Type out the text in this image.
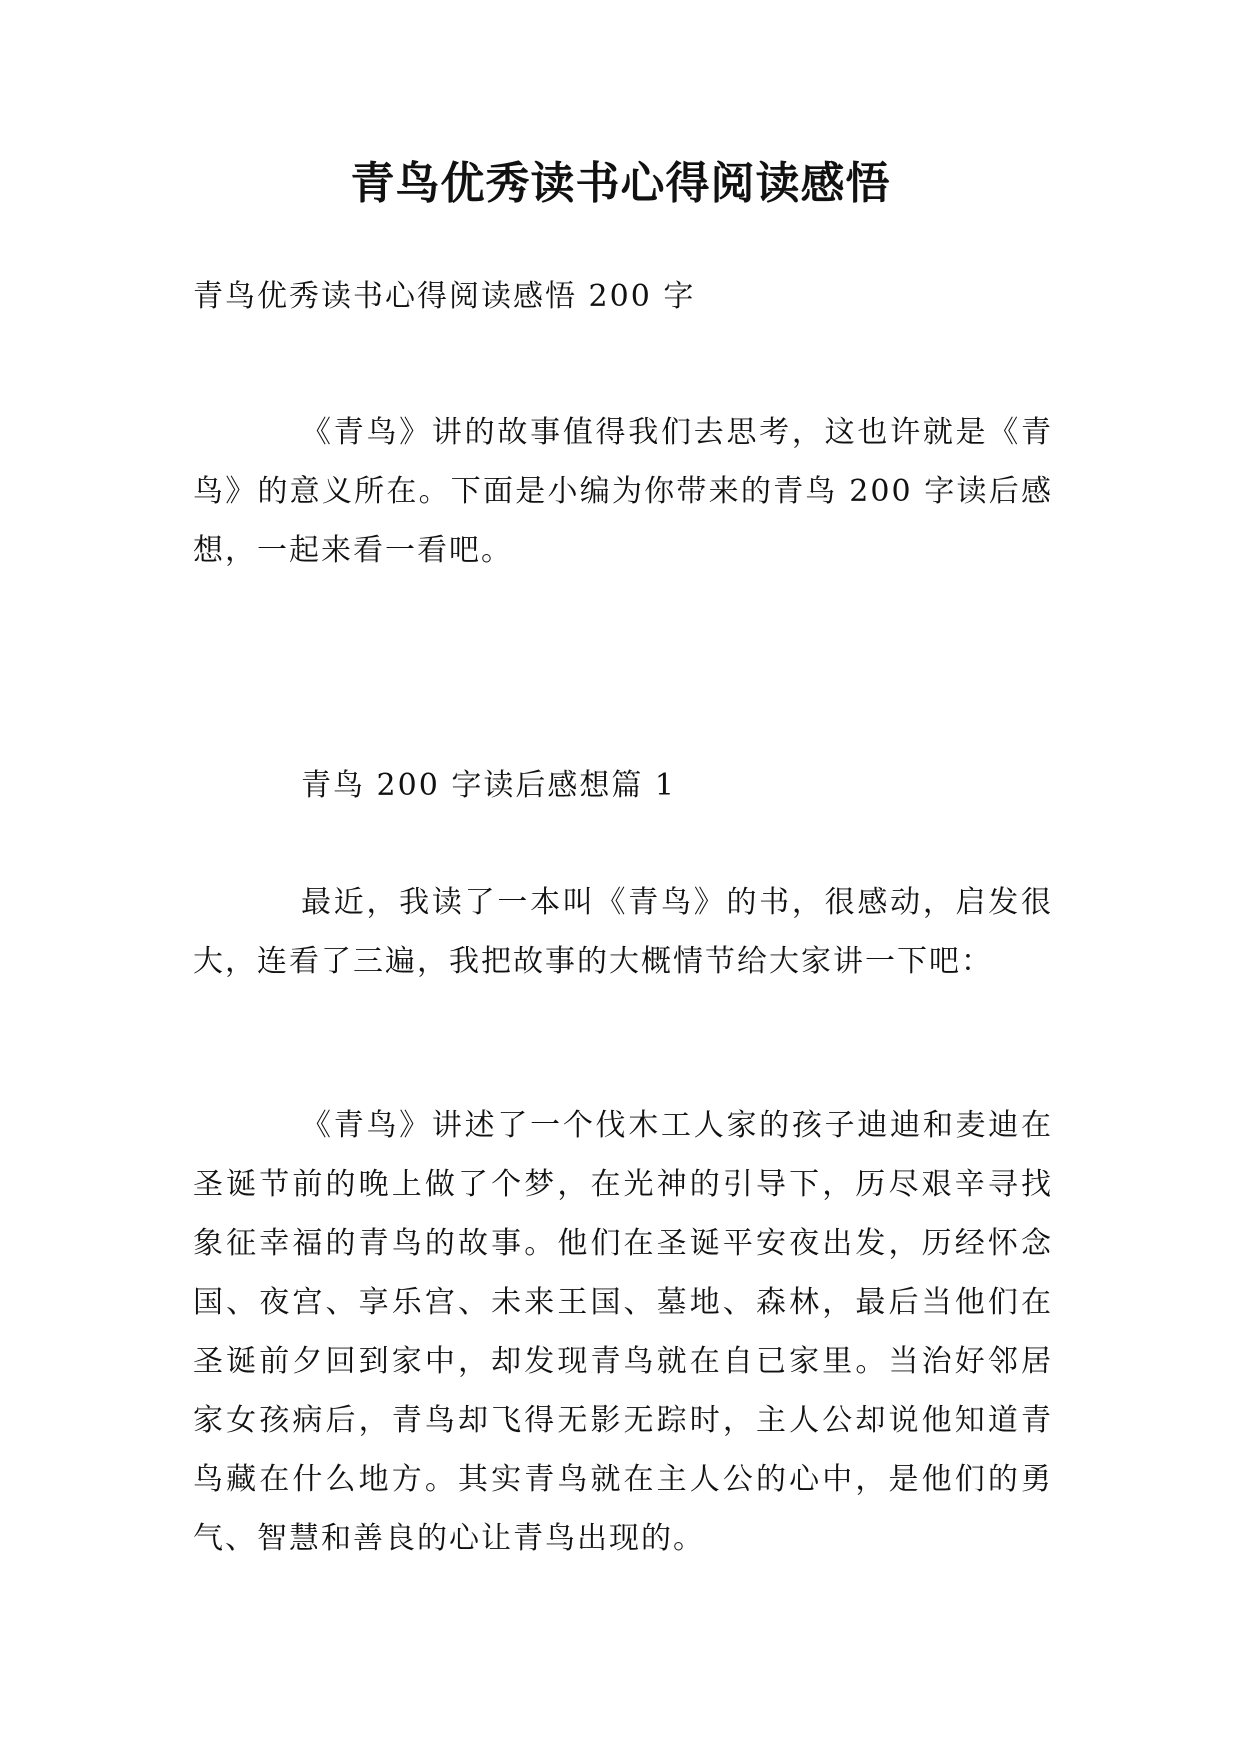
青鸟优秀读书心得阅读感悟

青鸟优秀读书心得阅读感悟 200 字

《青鸟》讲的故事值得我们去思考，这也许就是《青鸟》的意义所在。下面是小编为你带来的青鸟 200 字读后感想，一起来看一看吧。

青鸟 200 字读后感想篇 1

最近，我读了一本叫《青鸟》的书，很感动，启发很大，连看了三遍，我把故事的大概情节给大家讲一下吧：

《青鸟》讲述了一个伐木工人家的孩子迪迪和麦迪在圣诞节前的晚上做了个梦，在光神的引导下，历尽艰辛寻找象征幸福的青鸟的故事。他们在圣诞平安夜出发，历经怀念国、夜宫、享乐宫、未来王国、墓地、森林，最后当他们在圣诞前夕回到家中，却发现青鸟就在自已家里。当治好邻居家女孩病后，青鸟却飞得无影无踪时，主人公却说他知道青鸟藏在什么地方。其实青鸟就在主人公的心中，是他们的勇气、智慧和善良的心让青鸟出现的。
